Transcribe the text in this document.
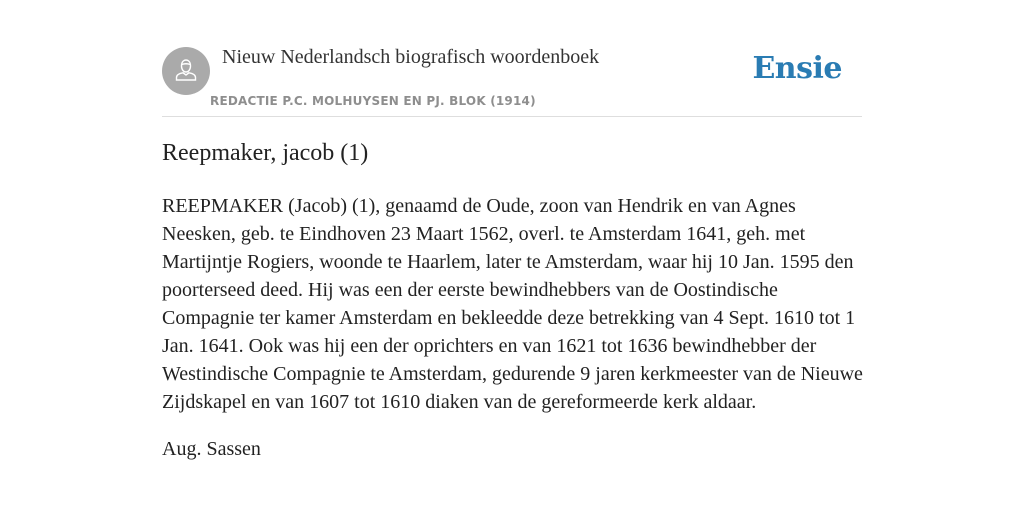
Nieuw Nederlandsch biografisch woordenboek
REDACTIE P.C. MOLHUYSEN EN PJ. BLOK (1914)
Ensie
Reepmaker, jacob (1)

REEPMAKER (Jacob) (1), genaamd de Oude, zoon van Hendrik en van Agnes Neesken, geb. te Eindhoven 23 Maart 1562, overl. te Amsterdam 1641, geh. met Martijntje Rogiers, woonde te Haarlem, later te Amsterdam, waar hij 10 Jan. 1595 den poorterseed deed. Hij was een der eerste bewindhebbers van de Oostindische Compagnie ter kamer Amsterdam en bekleedde deze betrekking van 4 Sept. 1610 tot 1 Jan. 1641. Ook was hij een der oprichters en van 1621 tot 1636 bewindhebber der Westindische Compagnie te Amsterdam, gedurende 9 jaren kerkmeester van de Nieuwe Zijdskapel en van 1607 tot 1610 diaken van de gereformeerde kerk aldaar.

Aug. Sassen
